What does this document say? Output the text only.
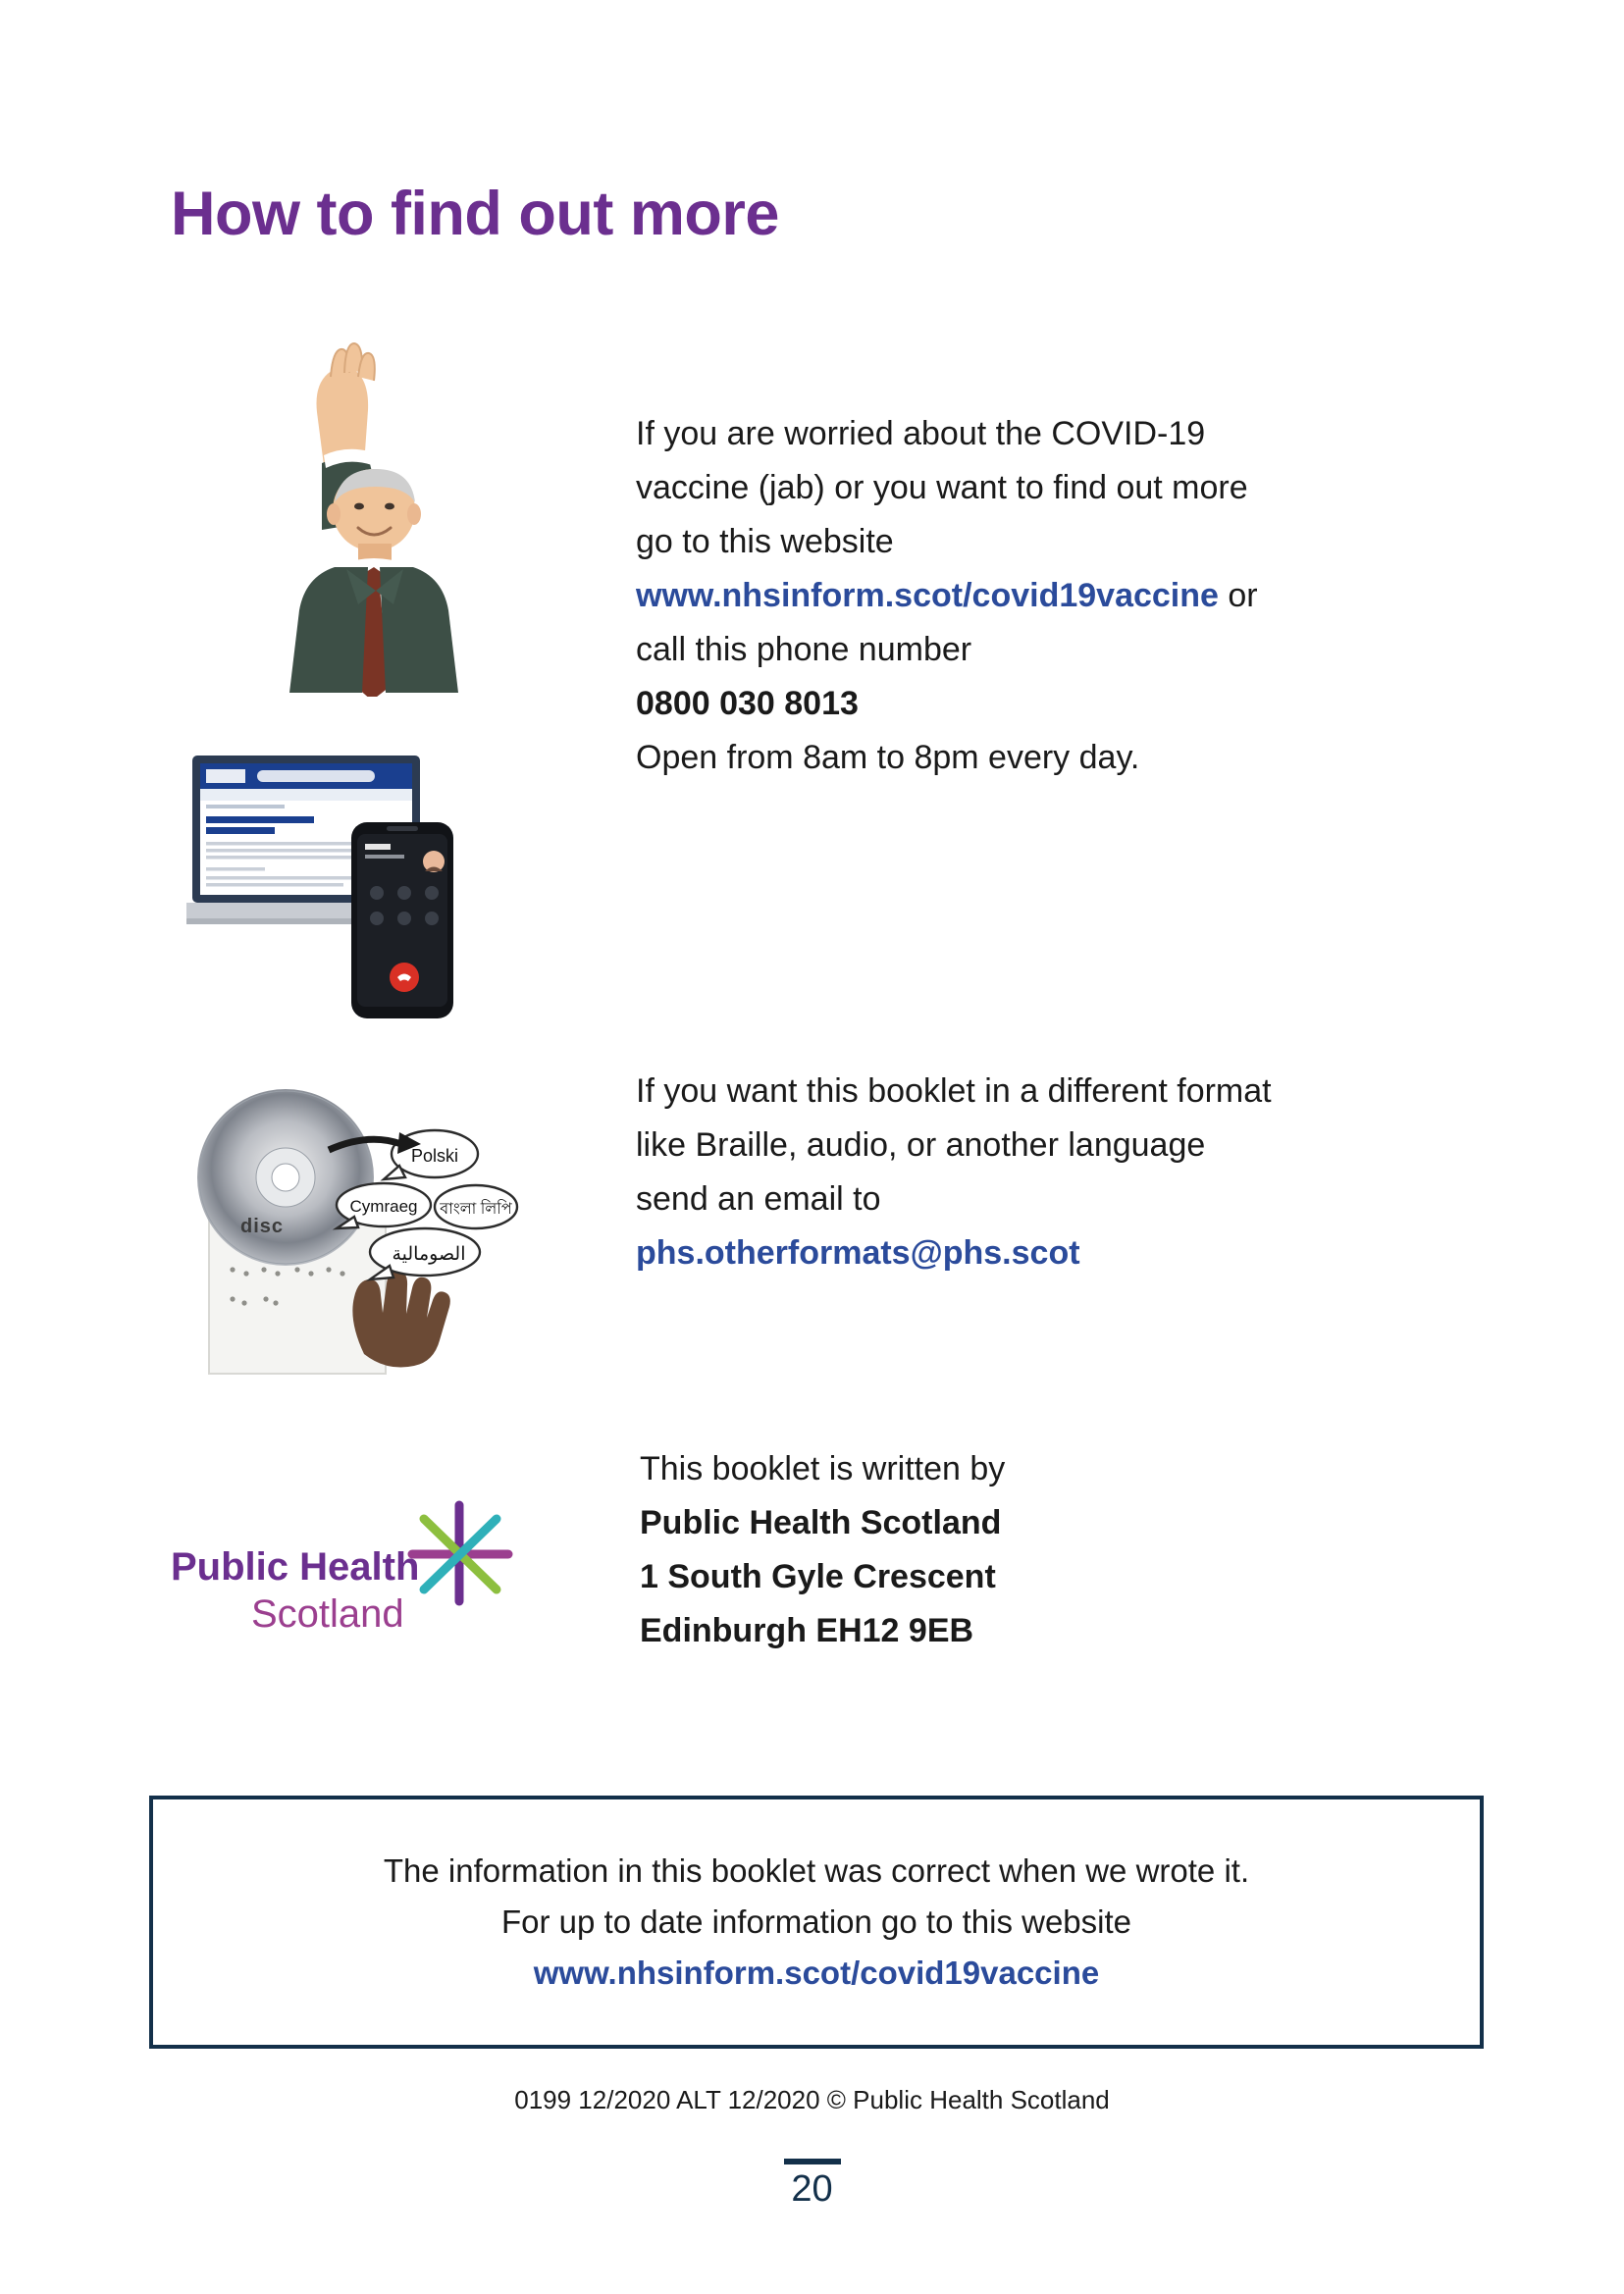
How to find out more
If you are worried about the COVID-19
vaccine (jab) or you want to find out more
go to this website
www.nhsinform.scot/covid19vaccine or
call this phone number
0800 030 8013
Open from 8am to 8pm every day.
disc
Polski
Cymraeg বাংলা লিপি
الصومالية
If you want this booklet in a different format
like Braille, audio, or another language
send an email to
phs.otherformats@phs.scot
Public Health
Scotland
This booklet is written by
Public Health Scotland
1 South Gyle Crescent
Edinburgh EH12 9EB
The information in this booklet was correct when we wrote it.
For up to date information go to this website
www.nhsinform.scot/covid19vaccine
0199 12/2020 ALT 12/2020 © Public Health Scotland
20
